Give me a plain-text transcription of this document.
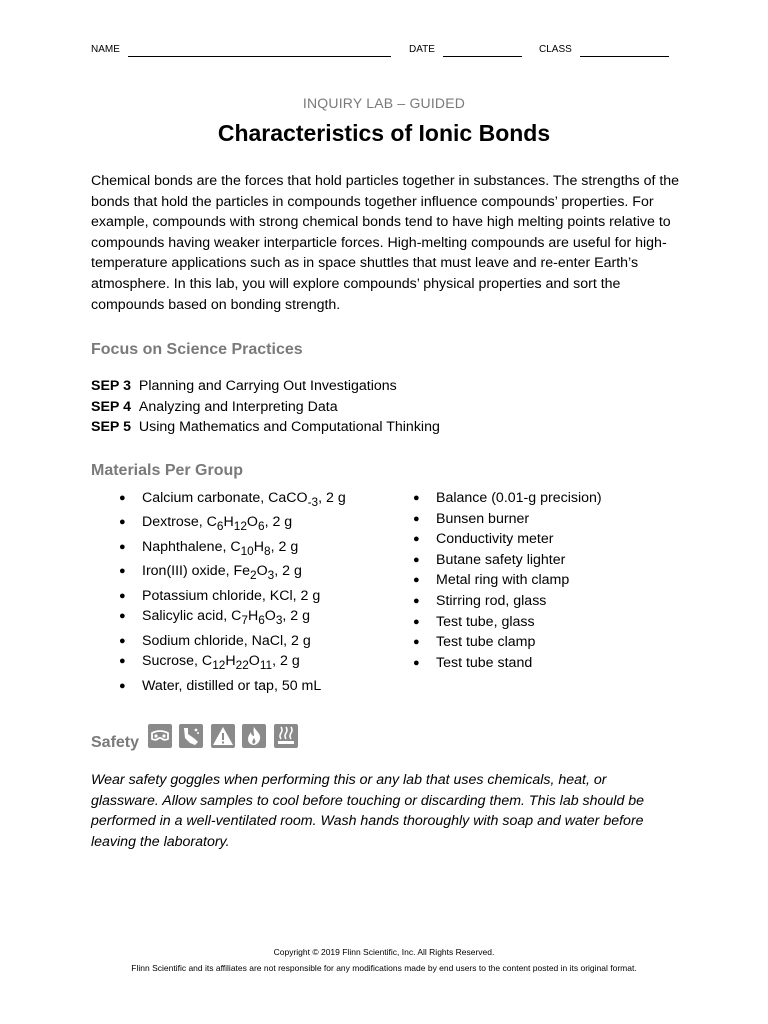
NAME	DATE	CLASS
INQUIRY LAB – GUIDED
Characteristics of Ionic Bonds

Chemical bonds are the forces that hold particles together in substances. The strengths of the bonds that hold the particles in compounds together influence compounds’ properties. For example, compounds with strong chemical bonds tend to have high melting points relative to compounds having weaker interparticle forces. High-melting compounds are useful for high-temperature applications such as in space shuttles that must leave and re-enter Earth’s atmosphere. In this lab, you will explore compounds’ physical properties and sort the compounds based on bonding strength.

Focus on Science Practices
SEP 3 Planning and Carrying Out Investigations
SEP 4 Analyzing and Interpreting Data
SEP 5 Using Mathematics and Computational Thinking
Materials Per Group
● Calcium carbonate, CaCO$_{-3}$, 2 g
● Dextrose, $C_6H_{12}O_6$, 2 g
● Naphthalene, $C_{10}H_8$, 2 g
● Iron(III) oxide, $Fe_2O_3$, 2 g
● Potassium chloride, KCl, 2 g
● Salicylic acid, $C_7H_6O_3$, 2 g
● Sodium chloride, NaCl, 2 g
● Sucrose, $C_{12}H_{22}O_{11}$, 2 g
● Water, distilled or tap, 50 mL
● Balance (0.01-g precision)
● Bunsen burner
● Conductivity meter
● Butane safety lighter
● Metal ring with clamp
● Stirring rod, glass
● Test tube, glass
● Test tube clamp
● Test tube stand
Safety

Wear safety goggles when performing this or any lab that uses chemicals, heat, or glassware. Allow samples to cool before touching or discarding them. This lab should be performed in a well-ventilated room. Wash hands thoroughly with soap and water before leaving the laboratory.

Copyright © 2019 Flinn Scientific, Inc. All Rights Reserved.
Flinn Scientific and its affiliates are not responsible for any modifications made by end users to the content posted in its original format.
